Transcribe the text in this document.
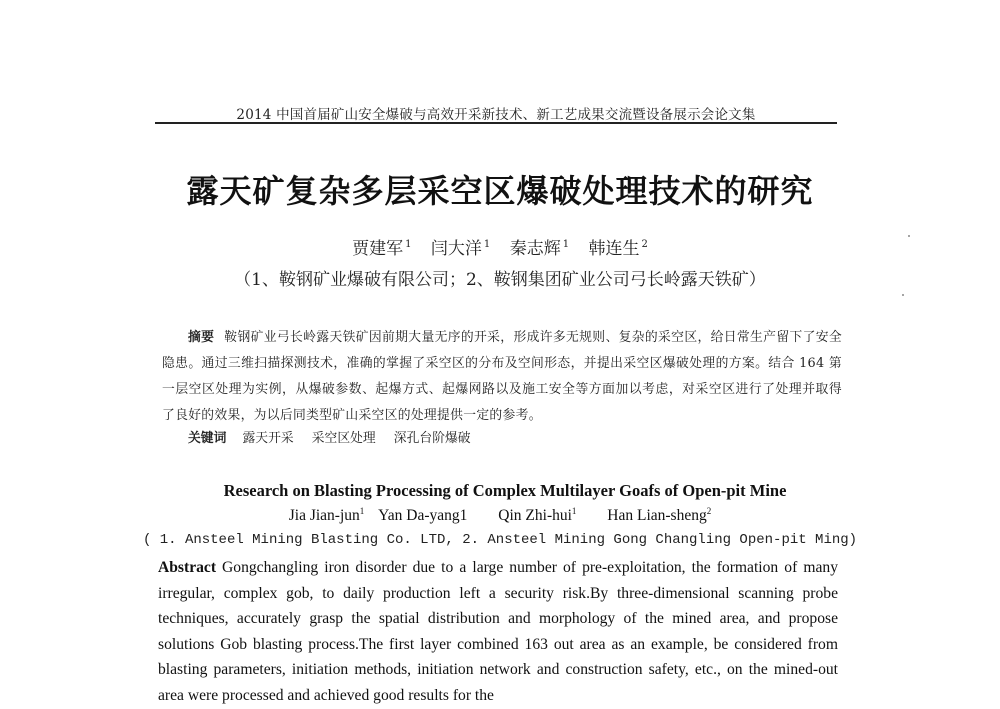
2014 中国首届矿山安全爆破与高效开采新技术、新工艺成果交流暨设备展示会论文集
露天矿复杂多层采空区爆破处理技术的研究
贾建军 $^1$ 闫大洋 $^1$ 秦志辉 $^1$ 韩连生 $^2$
（1、鞍钢矿业爆破有限公司；2、鞍钢集团矿业公司弓长岭露天铁矿）
摘要 鞍钢矿业弓长岭露天铁矿因前期大量无序的开采，形成许多无规则、复杂的采空区，给日常生产留下了安全隐患。通过三维扫描探测技术，准确的掌握了采空区的分布及空间形态，并提出采空区爆破处理的方案。结合 164 第一层空区处理为实例，从爆破参数、起爆方式、起爆网路以及施工安全等方面加以考虑，对采空区进行了处理并取得了良好的效果，为以后同类型矿山采空区的处理提供一定的参考。
关键词 露天开采 采空区处理 深孔台阶爆破
Research on Blasting Processing of Complex Multilayer Goafs of Open-pit Mine
Jia Jian-jun$^1$ Yan Da-yang1 Qin Zhi-hui$^1$ Han Lian-sheng$^2$
( 1. Ansteel Mining Blasting Co. LTD, 2. Ansteel Mining Gong Changling Open-pit Ming)
Abstract Gongchangling iron disorder due to a large number of pre-exploitation, the formation of many irregular, complex gob, to daily production left a security risk.By three-dimensional scanning probe techniques, accurately grasp the spatial distribution and morphology of the mined area, and propose solutions Gob blasting process.The first layer combined 163 out area as an example, be considered from blasting parameters, initiation methods, initiation network and construction safety, etc., on the mined-out area were processed and achieved good results for the
